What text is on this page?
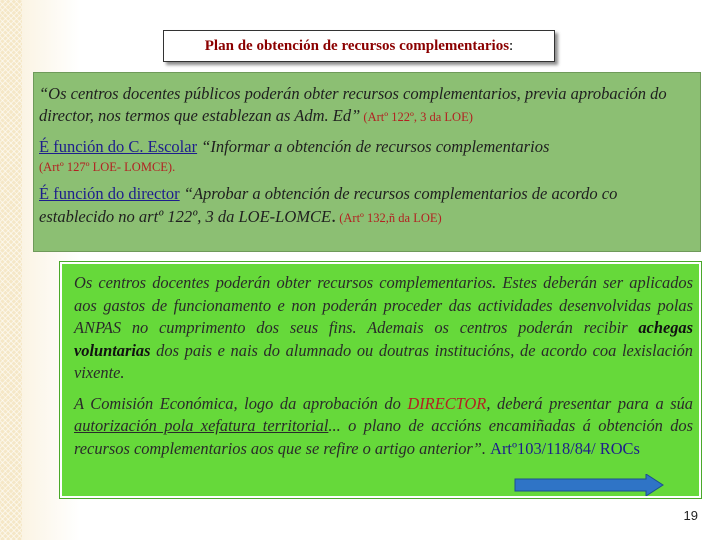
Plan de obtención de recursos complementarios :

“Os centros docentes públicos poderán obter recursos complementarios, previa aprobación do director, nos termos que establezan as Adm. Ed” (Artº 122º, 3 da LOE)

É función do C. Escolar “Informar a obtención de recursos complementarios

(Artº 127º LOE- LOMCE).

É función do director “Aprobar a obtención de recursos complementarios de acordo co establecido no artº 122º, 3 da LOE-LOMCE. (Artº 132,ñ da LOE)

Os centros docentes poderán obter recursos complementarios. Estes deberán ser aplicados aos gastos de funcionamento e non poderán proceder das actividades desenvolvidas polas ANPAS no cumprimento dos seus fins. Ademais os centros poderán recibir achegas voluntarias dos pais e nais do alumnado ou doutras institucións, de acordo coa lexislación vixente.

A Comisión Económica, logo da aprobación do DIRECTOR, deberá presentar para a súa autorización pola xefatura territorial... o plano de accións encamiñadas á obtención dos recursos complementarios aos que se refire o artigo anterior”. Artº103/118/84/ ROCs

19
